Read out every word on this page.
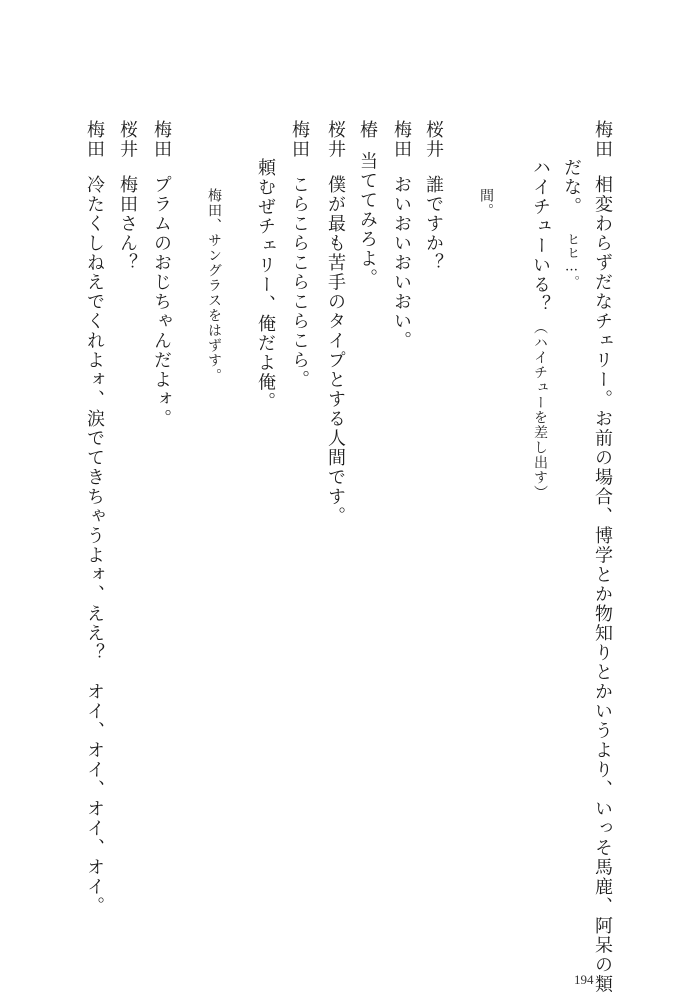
梅田相変わらずだなチェリー。お前の場合、博学とか物知りとかいうより、いっそ馬鹿、阿呆の類
だな。ヒヒ…。
ハイチューいる？（ハイチューを差し出す）
間。
桜井誰ですか？
梅田おいおいおいおい。
椿当ててみろよ。
桜井僕が最も苦手のタイプとする人間です。
梅田こらこらこらこらこら。
頼むぜチェリー、俺だよ俺。
梅田、サングラスをはずす。
梅田プラムのおじちゃんだよォ。
桜井梅田さん？
梅田冷たくしねえでくれよォ、涙でてきちゃうよォ、ええ？　オイ、オイ、オイ、オイ。
194
